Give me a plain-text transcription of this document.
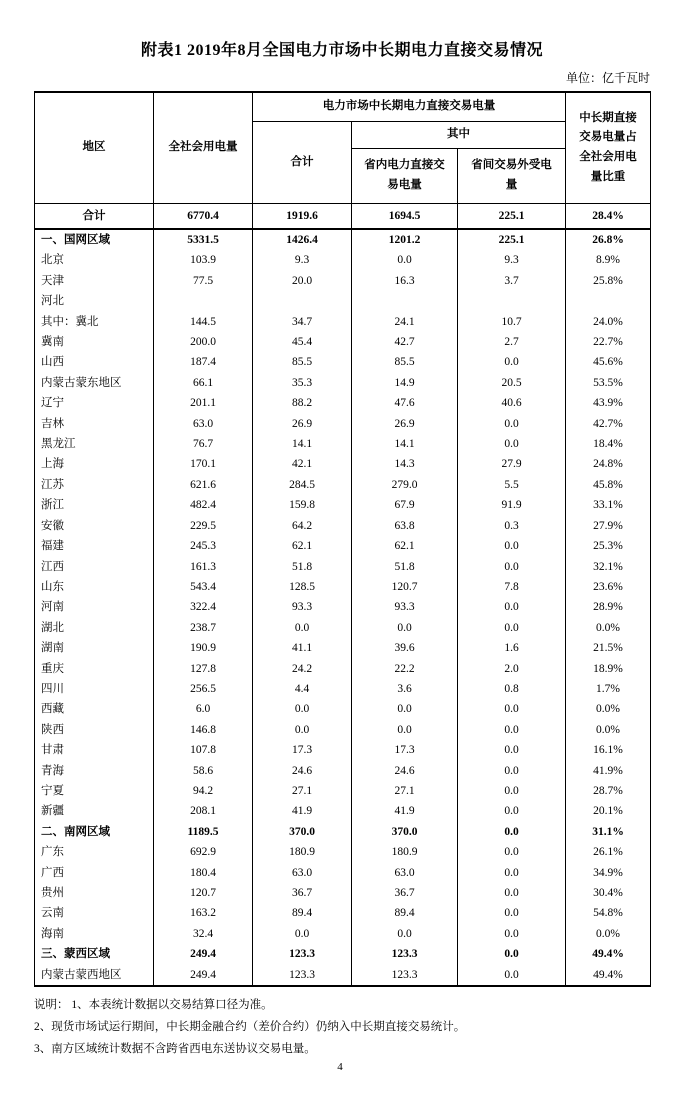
附表1 2019年8月全国电力市场中长期电力直接交易情况
单位：亿千瓦时
地区	全社会用电量	电力市场中长期电力直接交易电量			中长期直接交易电量占全社会用电量比重
		合计	其中		
			省内电力直接交易电量	省间交易外受电量	
合计	6770.4	1919.6	1694.5	225.1	28.4%
一、国网区域	5331.5	1426.4	1201.2	225.1	26.8%
北京	103.9	9.3	0.0	9.3	8.9%
天津	77.5	20.0	16.3	3.7	25.8%
河北					
其中：冀北	144.5	34.7	24.1	10.7	24.0%
冀南	200.0	45.4	42.7	2.7	22.7%
山西	187.4	85.5	85.5	0.0	45.6%
内蒙古蒙东地区	66.1	35.3	14.9	20.5	53.5%
辽宁	201.1	88.2	47.6	40.6	43.9%
吉林	63.0	26.9	26.9	0.0	42.7%
黑龙江	76.7	14.1	14.1	0.0	18.4%
上海	170.1	42.1	14.3	27.9	24.8%
江苏	621.6	284.5	279.0	5.5	45.8%
浙江	482.4	159.8	67.9	91.9	33.1%
安徽	229.5	64.2	63.8	0.3	27.9%
福建	245.3	62.1	62.1	0.0	25.3%
江西	161.3	51.8	51.8	0.0	32.1%
山东	543.4	128.5	120.7	7.8	23.6%
河南	322.4	93.3	93.3	0.0	28.9%
湖北	238.7	0.0	0.0	0.0	0.0%
湖南	190.9	41.1	39.6	1.6	21.5%
重庆	127.8	24.2	22.2	2.0	18.9%
四川	256.5	4.4	3.6	0.8	1.7%
西藏	6.0	0.0	0.0	0.0	0.0%
陕西	146.8	0.0	0.0	0.0	0.0%
甘肃	107.8	17.3	17.3	0.0	16.1%
青海	58.6	24.6	24.6	0.0	41.9%
宁夏	94.2	27.1	27.1	0.0	28.7%
新疆	208.1	41.9	41.9	0.0	20.1%
二、南网区域	1189.5	370.0	370.0	0.0	31.1%
广东	692.9	180.9	180.9	0.0	26.1%
广西	180.4	63.0	63.0	0.0	34.9%
贵州	120.7	36.7	36.7	0.0	30.4%
云南	163.2	89.4	89.4	0.0	54.8%
海南	32.4	0.0	0.0	0.0	0.0%
三、蒙西区域	249.4	123.3	123.3	0.0	49.4%
内蒙古蒙西地区	249.4	123.3	123.3	0.0	49.4%

说明： 1、本表统计数据以交易结算口径为准。

2、现货市场试运行期间，中长期金融合约（差价合约）仍纳入中长期直接交易统计。

3、南方区域统计数据不含跨省西电东送协议交易电量。

4
